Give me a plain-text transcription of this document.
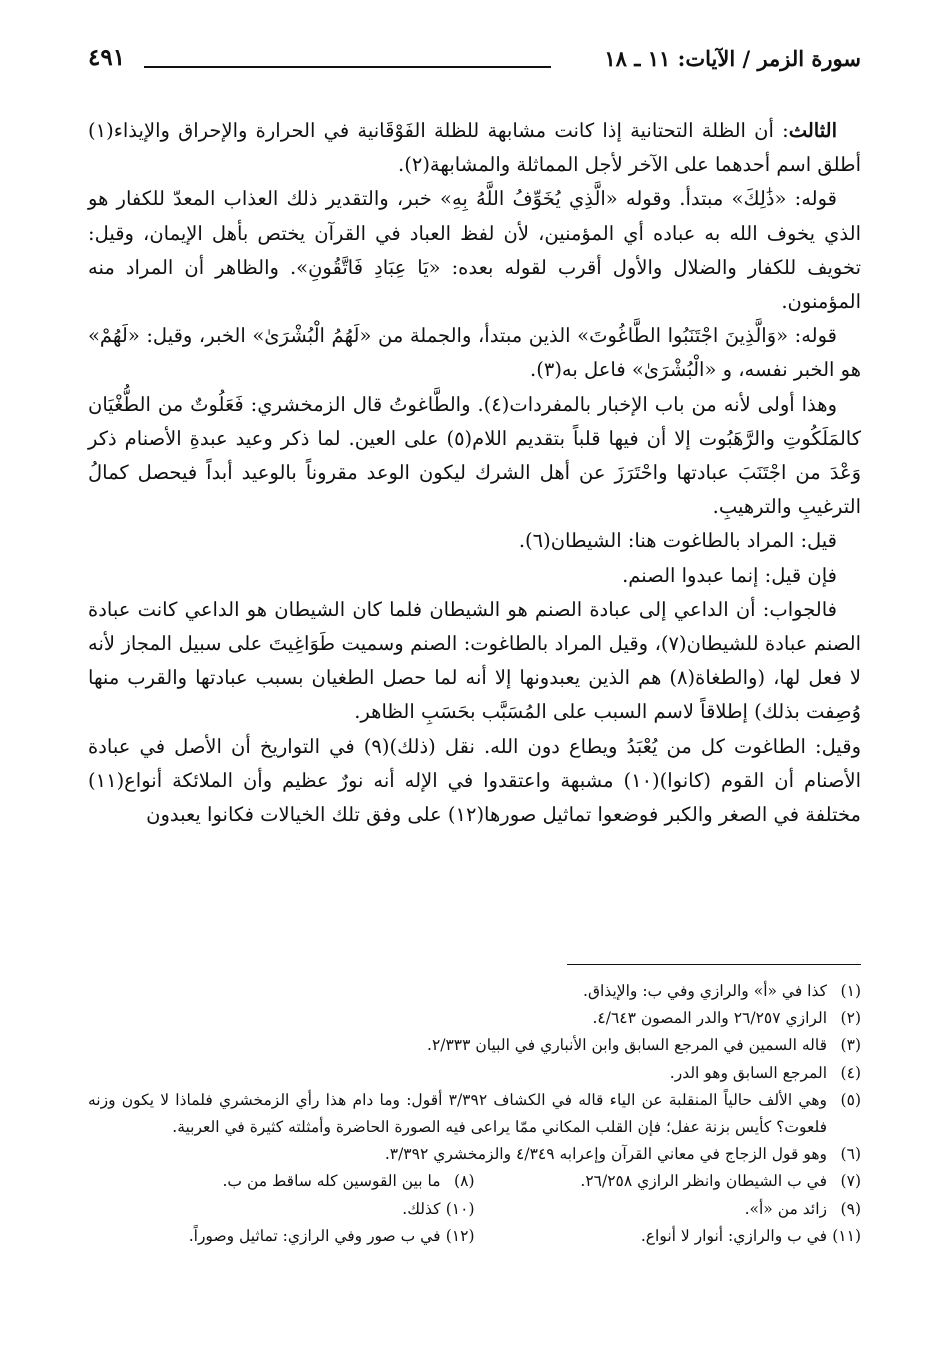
سورة الزمر / الآيات: ١١ ـ ١٨
٤٩١

الثالث: أن الظلة التحتانية إذا كانت مشابهة للظلة الفَوْقَانية في الحرارة والإحراق والإيذاء(١) أطلق اسم أحدهما على الآخر لأجل المماثلة والمشابهة(٢).

قوله: «ذَٰلِكَ» مبتدأ. وقوله «الَّذِي يُخَوِّفُ اللَّهُ بِهِ» خبر، والتقدير ذلك العذاب المعدّ للكفار هو الذي يخوف الله به عباده أي المؤمنين، لأن لفظ العباد في القرآن يختص بأهل الإيمان، وقيل: تخويف للكفار والضلال والأول أقرب لقوله بعده: «يَا عِبَادِ فَاتَّقُونِ». والظاهر أن المراد منه المؤمنون.

قوله: «وَالَّذِينَ اجْتَنَبُوا الطَّاغُوتَ» الذين مبتدأ، والجملة من «لَهُمُ الْبُشْرَىٰ» الخبر، وقيل: «لَهُمْ» هو الخبر نفسه، و «الْبُشْرَىٰ» فاعل به(٣).

وهذا أولى لأنه من باب الإخبار بالمفردات(٤). والطَّاغوتُ قال الزمخشري: فَعَلُوتٌ من الطُّغْيَان كالمَلَكُوتِ والرَّهَبُوت إلا أن فيها قلباً بتقديم اللام(٥) على العين. لما ذكر وعيد عبدةِ الأصنام ذكر وَعْدَ من اجْتَنَبَ عبادتها واحْتَرَزَ عن أهل الشرك ليكون الوعد مقروناً بالوعيد أبداً فيحصل كمالُ الترغيبِ والترهيبِ.

قيل: المراد بالطاغوت هنا: الشيطان(٦).

فإن قيل: إنما عبدوا الصنم.

فالجواب: أن الداعي إلى عبادة الصنم هو الشيطان فلما كان الشيطان هو الداعي كانت عبادة الصنم عبادة للشيطان(٧)، وقيل المراد بالطاغوت: الصنم وسميت طَوَاغِيتَ على سبيل المجاز لأنه لا فعل لها، (والطغاة(٨) هم الذين يعبدونها إلا أنه لما حصل الطغيان بسبب عبادتها والقرب منها وُصِفت بذلك) إطلاقاً لاسم السبب على المُسَبَّب بحَسَبِ الظاهر.

وقيل: الطاغوت كل من يُعْبَدُ ويطاع دون الله. نقل (ذلك)(٩) في التواريخ أن الأصل في عبادة الأصنام أن القوم (كانوا)(١٠) مشبهة واعتقدوا في الإله أنه نورٌ عظيم وأن الملائكة أنواع(١١) مختلفة في الصغر والكبر فوضعوا تماثيل صورها(١٢) على وفق تلك الخيالات فكانوا يعبدون

(١)
كذا في «أ» والرازي وفي ب: والإيذاق.
(٢)
الرازي ٢٦/٢٥٧ والدر المصون ٤/٦٤٣.
(٣)
قاله السمين في المرجع السابق وابن الأنباري في البيان ٢/٣٣٣.
(٤)
المرجع السابق وهو الدر.
(٥)
وهي الألف حالياً المنقلبة عن الياء قاله في الكشاف ٣/٣٩٢ أقول: وما دام هذا رأي الزمخشري فلماذا لا يكون وزنه فلعوت؟ كأيس بزنة عفل؛ فإن القلب المكاني ممّا يراعى فيه الصورة الحاضرة وأمثلته كثيرة في العربية.
(٦)
وهو قول الزجاج في معاني القرآن وإعرابه ٤/٣٤٩ والزمخشري ٣/٣٩٢.
(٧)
في ب الشيطان وانظر الرازي ٢٦/٢٥٨.
(٨)
ما بين القوسين كله ساقط من ب.
(٩)
زائد من «أ».
(١٠)
كذلك.
(١١)
في ب والرازي: أنوار لا أنواع.
(١٢)
في ب صور وفي الرازي: تماثيل وصوراً.
